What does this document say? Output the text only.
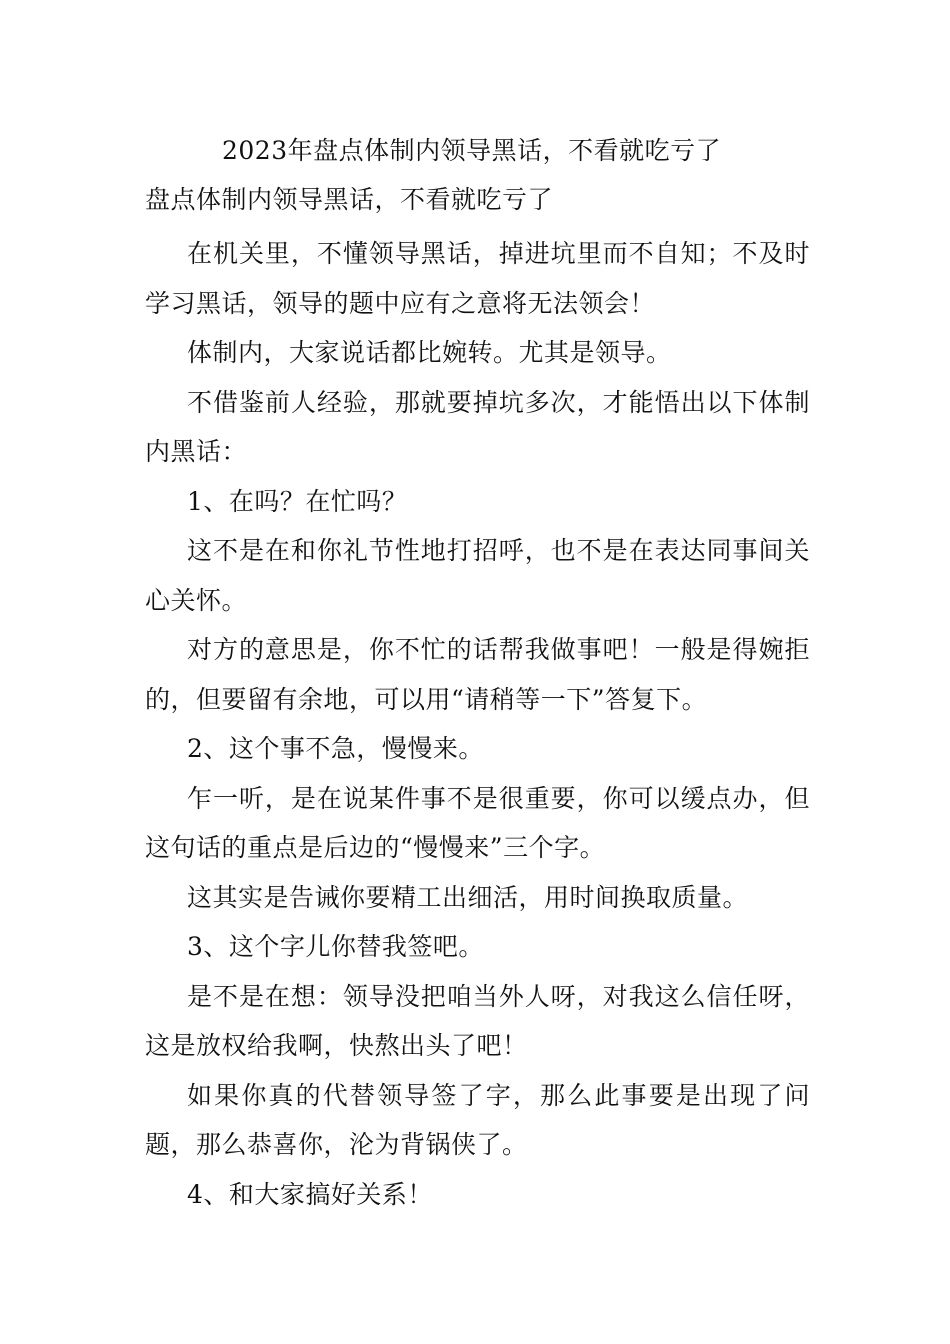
2023年盘点体制内领导黑话，不看就吃亏了
盘点体制内领导黑话，不看就吃亏了

在机关里，不懂领导黑话，掉进坑里而不自知；不及时学习黑话，领导的题中应有之意将无法领会！

体制内，大家说话都比婉转。尤其是领导。

不借鉴前人经验，那就要掉坑多次，才能悟出以下体制内黑话：

1、在吗？在忙吗？

这不是在和你礼节性地打招呼，也不是在表达同事间关心关怀。

对方的意思是，你不忙的话帮我做事吧！一般是得婉拒的，但要留有余地，可以用“请稍等一下”答复下。

2、这个事不急，慢慢来。

乍一听，是在说某件事不是很重要，你可以缓点办，但这句话的重点是后边的“慢慢来”三个字。

这其实是告诫你要精工出细活，用时间换取质量。

3、这个字儿你替我签吧。

是不是在想：领导没把咱当外人呀，对我这么信任呀，这是放权给我啊，快熬出头了吧！

如果你真的代替领导签了字，那么此事要是出现了问题，那么恭喜你，沦为背锅侠了。

4、和大家搞好关系！
